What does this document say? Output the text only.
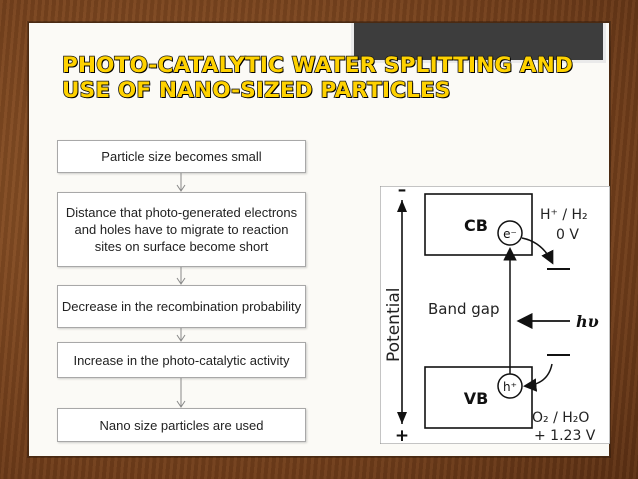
PHOTO-CATALYTIC WATER SPLITTING AND
USE OF NANO-SIZED PARTICLES
Particle size becomes small
Distance that photo-generated electrons and holes have to migrate to reaction sites on surface become short
Decrease in the recombination probability
Increase in the photo-catalytic activity
Nano size particles are used
–
+
Potential
CB e⁻
VB
h⁺
Band gap
hυ
H⁺ / H₂
0 V
O₂ / H₂O
+ 1.23 V
